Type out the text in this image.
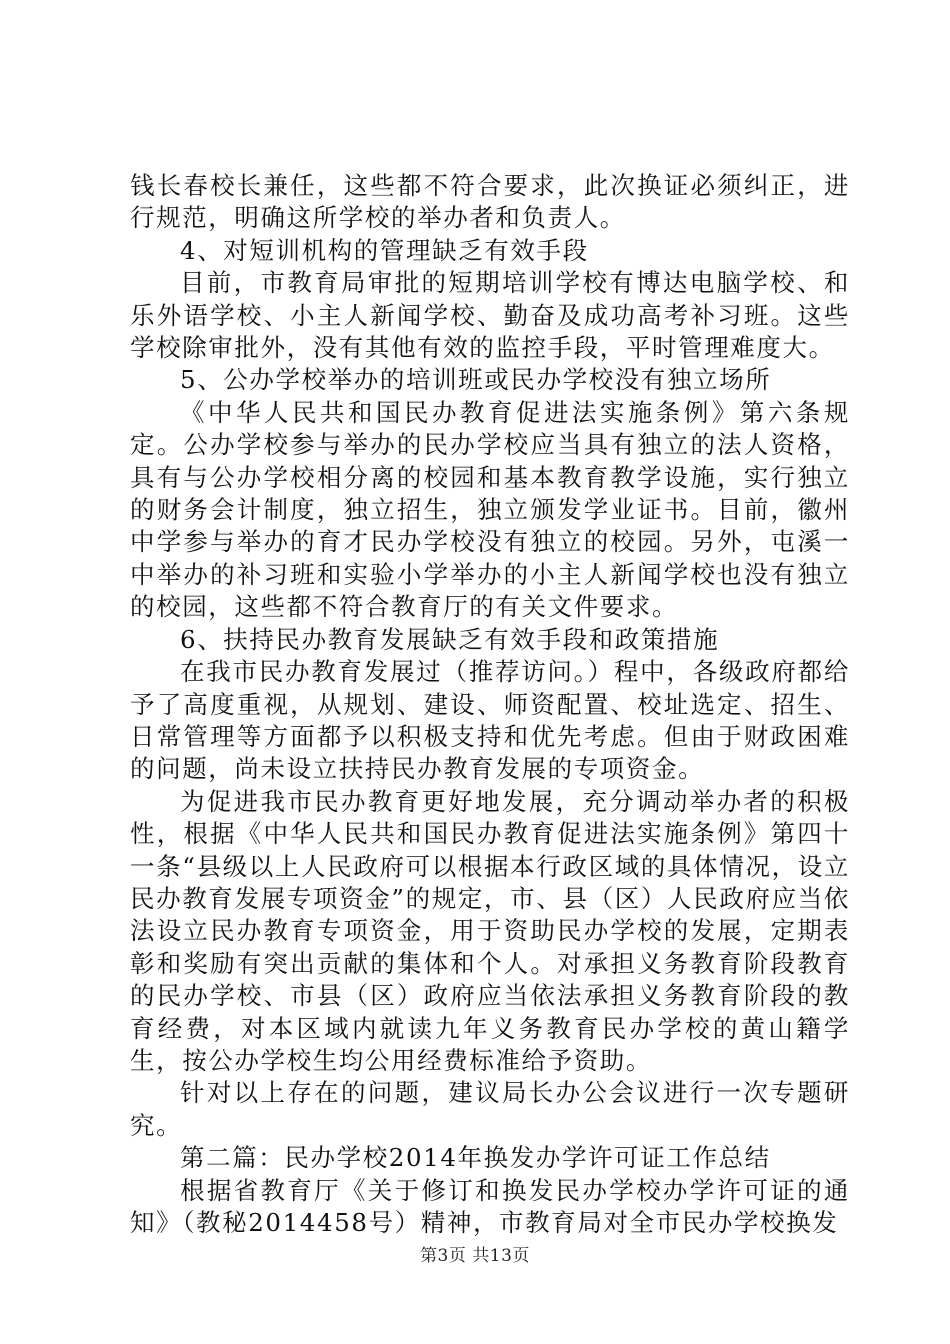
钱长春校长兼任，这些都不符合要求，此次换证必须纠正，进行规范，明确这所学校的举办者和负责人。

4、对短训机构的管理缺乏有效手段

目前，市教育局审批的短期培训学校有博达电脑学校、和乐外语学校、小主人新闻学校、勤奋及成功高考补习班。这些学校除审批外，没有其他有效的监控手段，平时管理难度大。

5、公办学校举办的培训班或民办学校没有独立场所

《中华人民共和国民办教育促进法实施条例》第六条规定。公办学校参与举办的民办学校应当具有独立的法人资格，具有与公办学校相分离的校园和基本教育教学设施，实行独立的财务会计制度，独立招生，独立颁发学业证书。目前，徽州中学参与举办的育才民办学校没有独立的校园。另外，屯溪一中举办的补习班和实验小学举办的小主人新闻学校也没有独立的校园，这些都不符合教育厅的有关文件要求。

6、扶持民办教育发展缺乏有效手段和政策措施

在我市民办教育发展过（推荐访问。）程中，各级政府都给予了高度重视，从规划、建设、师资配置、校址选定、招生、日常管理等方面都予以积极支持和优先考虑。但由于财政困难的问题，尚未设立扶持民办教育发展的专项资金。

为促进我市民办教育更好地发展，充分调动举办者的积极性，根据《中华人民共和国民办教育促进法实施条例》第四十一条“县级以上人民政府可以根据本行政区域的具体情况，设立民办教育发展专项资金”的规定，市、县（区）人民政府应当依法设立民办教育专项资金，用于资助民办学校的发展，定期表彰和奖励有突出贡献的集体和个人。对承担义务教育阶段教育的民办学校、市县（区）政府应当依法承担义务教育阶段的教育经费，对本区域内就读九年义务教育民办学校的黄山籍学生，按公办学校生均公用经费标准给予资助。

针对以上存在的问题，建议局长办公会议进行一次专题研究。

第二篇：民办学校2014年换发办学许可证工作总结

根据省教育厅《关于修订和换发民办学校办学许可证的通知》（教秘2014458号）精神，市教育局对全市民办学校换发

第3页 共13页
